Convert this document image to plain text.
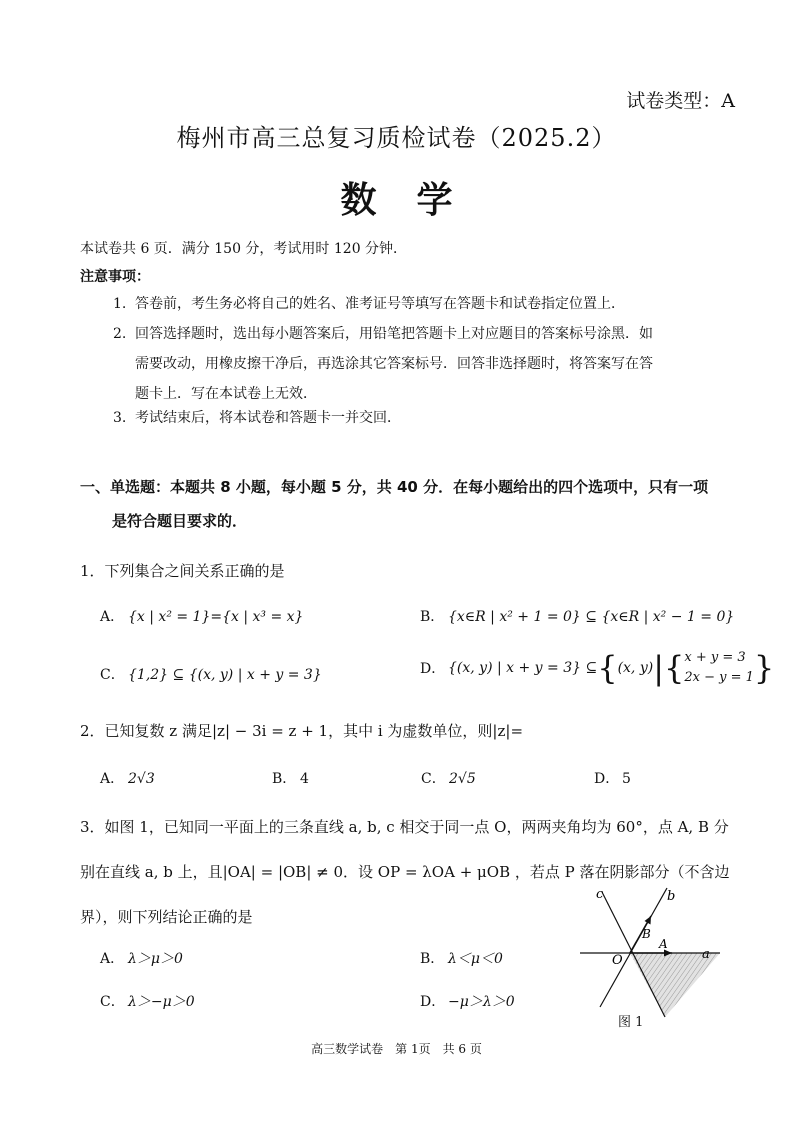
试卷类型：A
梅州市高三总复习质检试卷（2025.2）
数学
本试卷共 6 页．满分 150 分，考试用时 120 分钟．
注意事项：
1. 答卷前，考生务必将自己的姓名、准考证号等填写在答题卡和试卷指定位置上．
2. 回答选择题时，选出每小题答案后，用铅笔把答题卡上对应题目的答案标号涂黑．如
需要改动，用橡皮擦干净后，再选涂其它答案标号．回答非选择题时，将答案写在答
题卡上．写在本试卷上无效．
3. 考试结束后，将本试卷和答题卡一并交回．
一、单选题：本题共 8 小题，每小题 5 分，共 40 分．在每小题给出的四个选项中，只有一项
是符合题目要求的．
1．下列集合之间关系正确的是
A． {x | x² = 1}={x | x³ = x}	B． {x∈R | x² + 1 = 0} ⊆ {x∈R | x² − 1 = 0}
C． {1,2} ⊆ {(x, y) | x + y = 3}	D． {(x, y) | x + y = 3} ⊆{(x, y)|{x + y = 3
2x − y = 1}
2．已知复数 z 满足|z| − 3i = z + 1，其中 i 为虚数单位，则|z|=
A． 2√3	B． 4	C． 2√5	D． 5
3．如图 1，已知同一平面上的三条直线 a, b, c 相交于同一点 O，两两夹角均为 60°，点 A, B 分
别在直线 a, b 上，且|OA| = |OB| ≠ 0．设 OP = λOA + μOB ，若点 P 落在阴影部分（不含边
界），则下列结论正确的是
A． λ＞μ＞0	B． λ＜μ＜0
C． λ＞−μ＞0	D． −μ＞λ＞0
a
b
c
O
A
B
图 1
高三数学试卷　第 1页　共 6 页
